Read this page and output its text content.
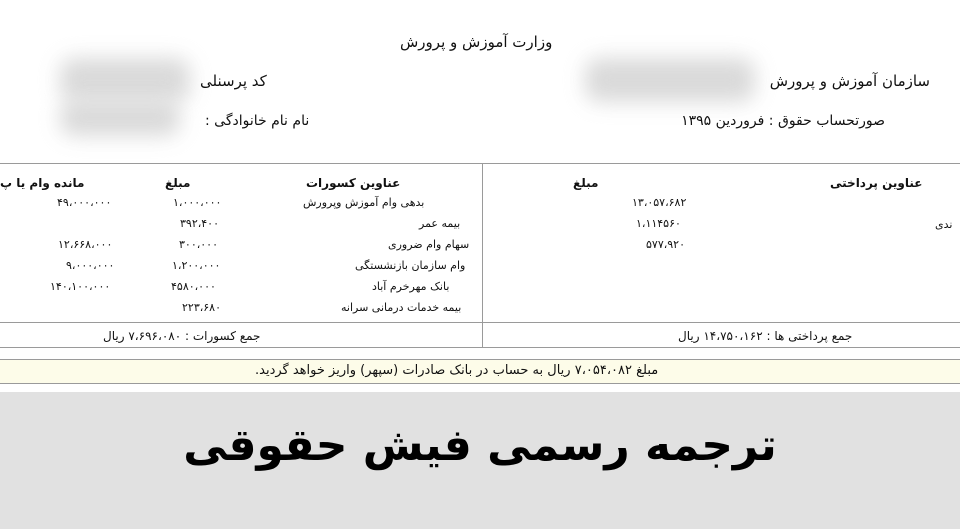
وزارت آموزش و پرورش
سازمان آموزش و پرورش
کد پرسنلی
صورتحساب حقوق : فروردین ۱۳۹۵
نام نام خانوادگی :
عناوین پرداختی
مبلغ
ندی
۱۳،۰۵۷،۶۸۲
۱،۱۱۴۵۶۰
۵۷۷،۹۲۰
عناوین کسورات
مبلغ
مانده وام یا پ
بدهی وام آموزش وپرورش
۱،۰۰۰،۰۰۰
۴۹،۰۰۰،۰۰۰
بیمه عمر
۳۹۲،۴۰۰
سهام وام ضروری
۳۰۰،۰۰۰
۱۲،۶۶۸،۰۰۰
وام سازمان بازنشستگی
۱،۲۰۰،۰۰۰
۹،۰۰۰،۰۰۰
بانک مهرخرم آباد
۴۵۸۰،۰۰۰
۱۴۰،۱۰۰،۰۰۰
بیمه خدمات درمانی سرانه
۲۲۳،۶۸۰
جمع پرداختی ها : ۱۴،۷۵۰،۱۶۲ ریال
جمع کسورات : ۷،۶۹۶،۰۸۰ ریال
مبلغ ۷،۰۵۴،۰۸۲ ریال به حساب در بانک صادرات (سپهر) واریز خواهد گردید.
ترجمه رسمی فیش حقوقی
